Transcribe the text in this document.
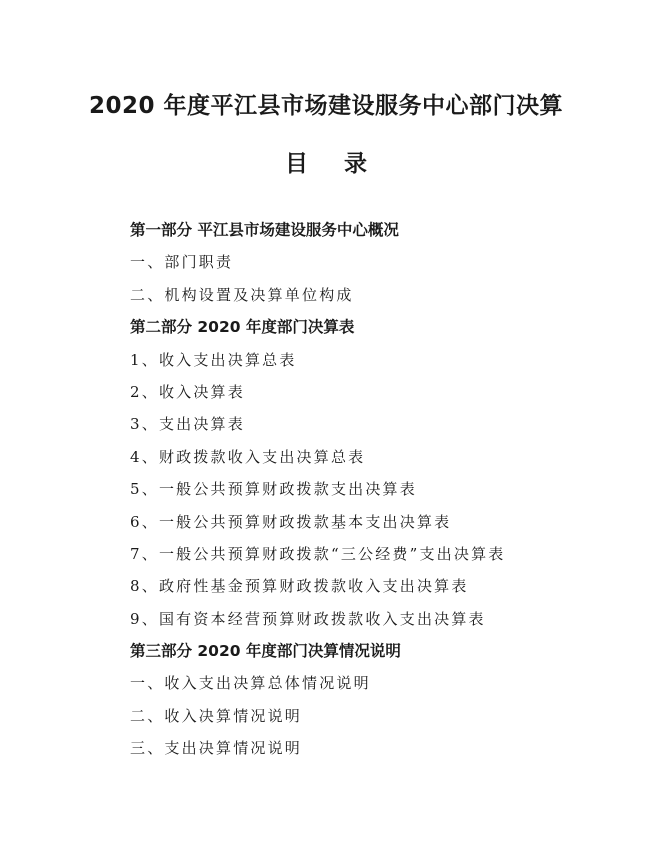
2020 年度平江县市场建设服务中心部门决算
目 录
第一部分 平江县市场建设服务中心概况
一、部门职责
二、机构设置及决算单位构成
第二部分 2020 年度部门决算表
1、收入支出决算总表
2、收入决算表
3、支出决算表
4、财政拨款收入支出决算总表
5、一般公共预算财政拨款支出决算表
6、一般公共预算财政拨款基本支出决算表
7、一般公共预算财政拨款“三公经费”支出决算表
8、政府性基金预算财政拨款收入支出决算表
9、国有资本经营预算财政拨款收入支出决算表
第三部分 2020 年度部门决算情况说明
一、收入支出决算总体情况说明
二、收入决算情况说明
三、支出决算情况说明
